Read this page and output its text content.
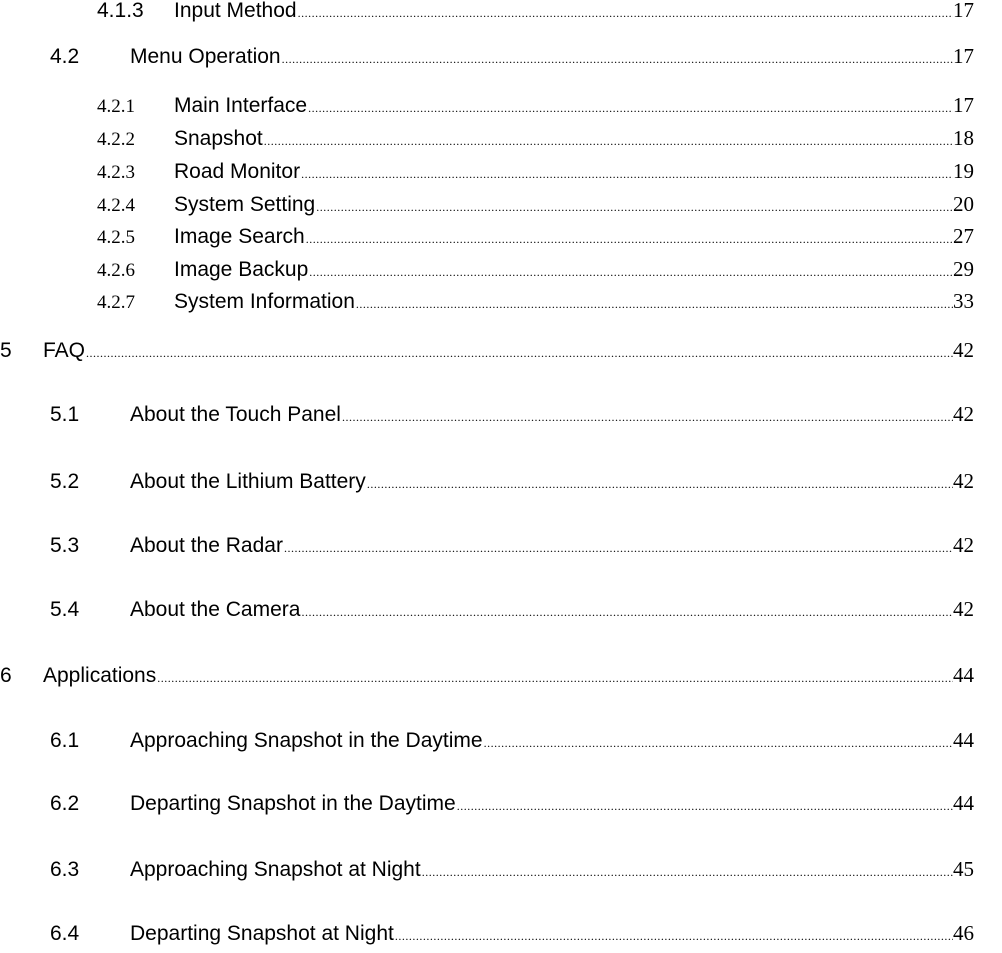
4.1.3 Input Method .....	17
4.2 Menu Operation .....	17
4.2.1 Main Interface .....	17
4.2.2 Snapshot .....	18
4.2.3 Road Monitor .....	19
4.2.4 System Setting .....	20
4.2.5 Image Search .....	27
4.2.6 Image Backup .....	29
4.2.7 System Information .....	33
5 FAQ .....	42
5.1 About the Touch Panel .....	42
5.2 About the Lithium Battery .....	42
5.3 About the Radar .....	42
5.4 About the Camera .....	42
6 Applications .....	44
6.1 Approaching Snapshot in the Daytime .....	44
6.2 Departing Snapshot in the Daytime .....	44
6.3 Approaching Snapshot at Night .....	45
6.4 Departing Snapshot at Night .....	46
